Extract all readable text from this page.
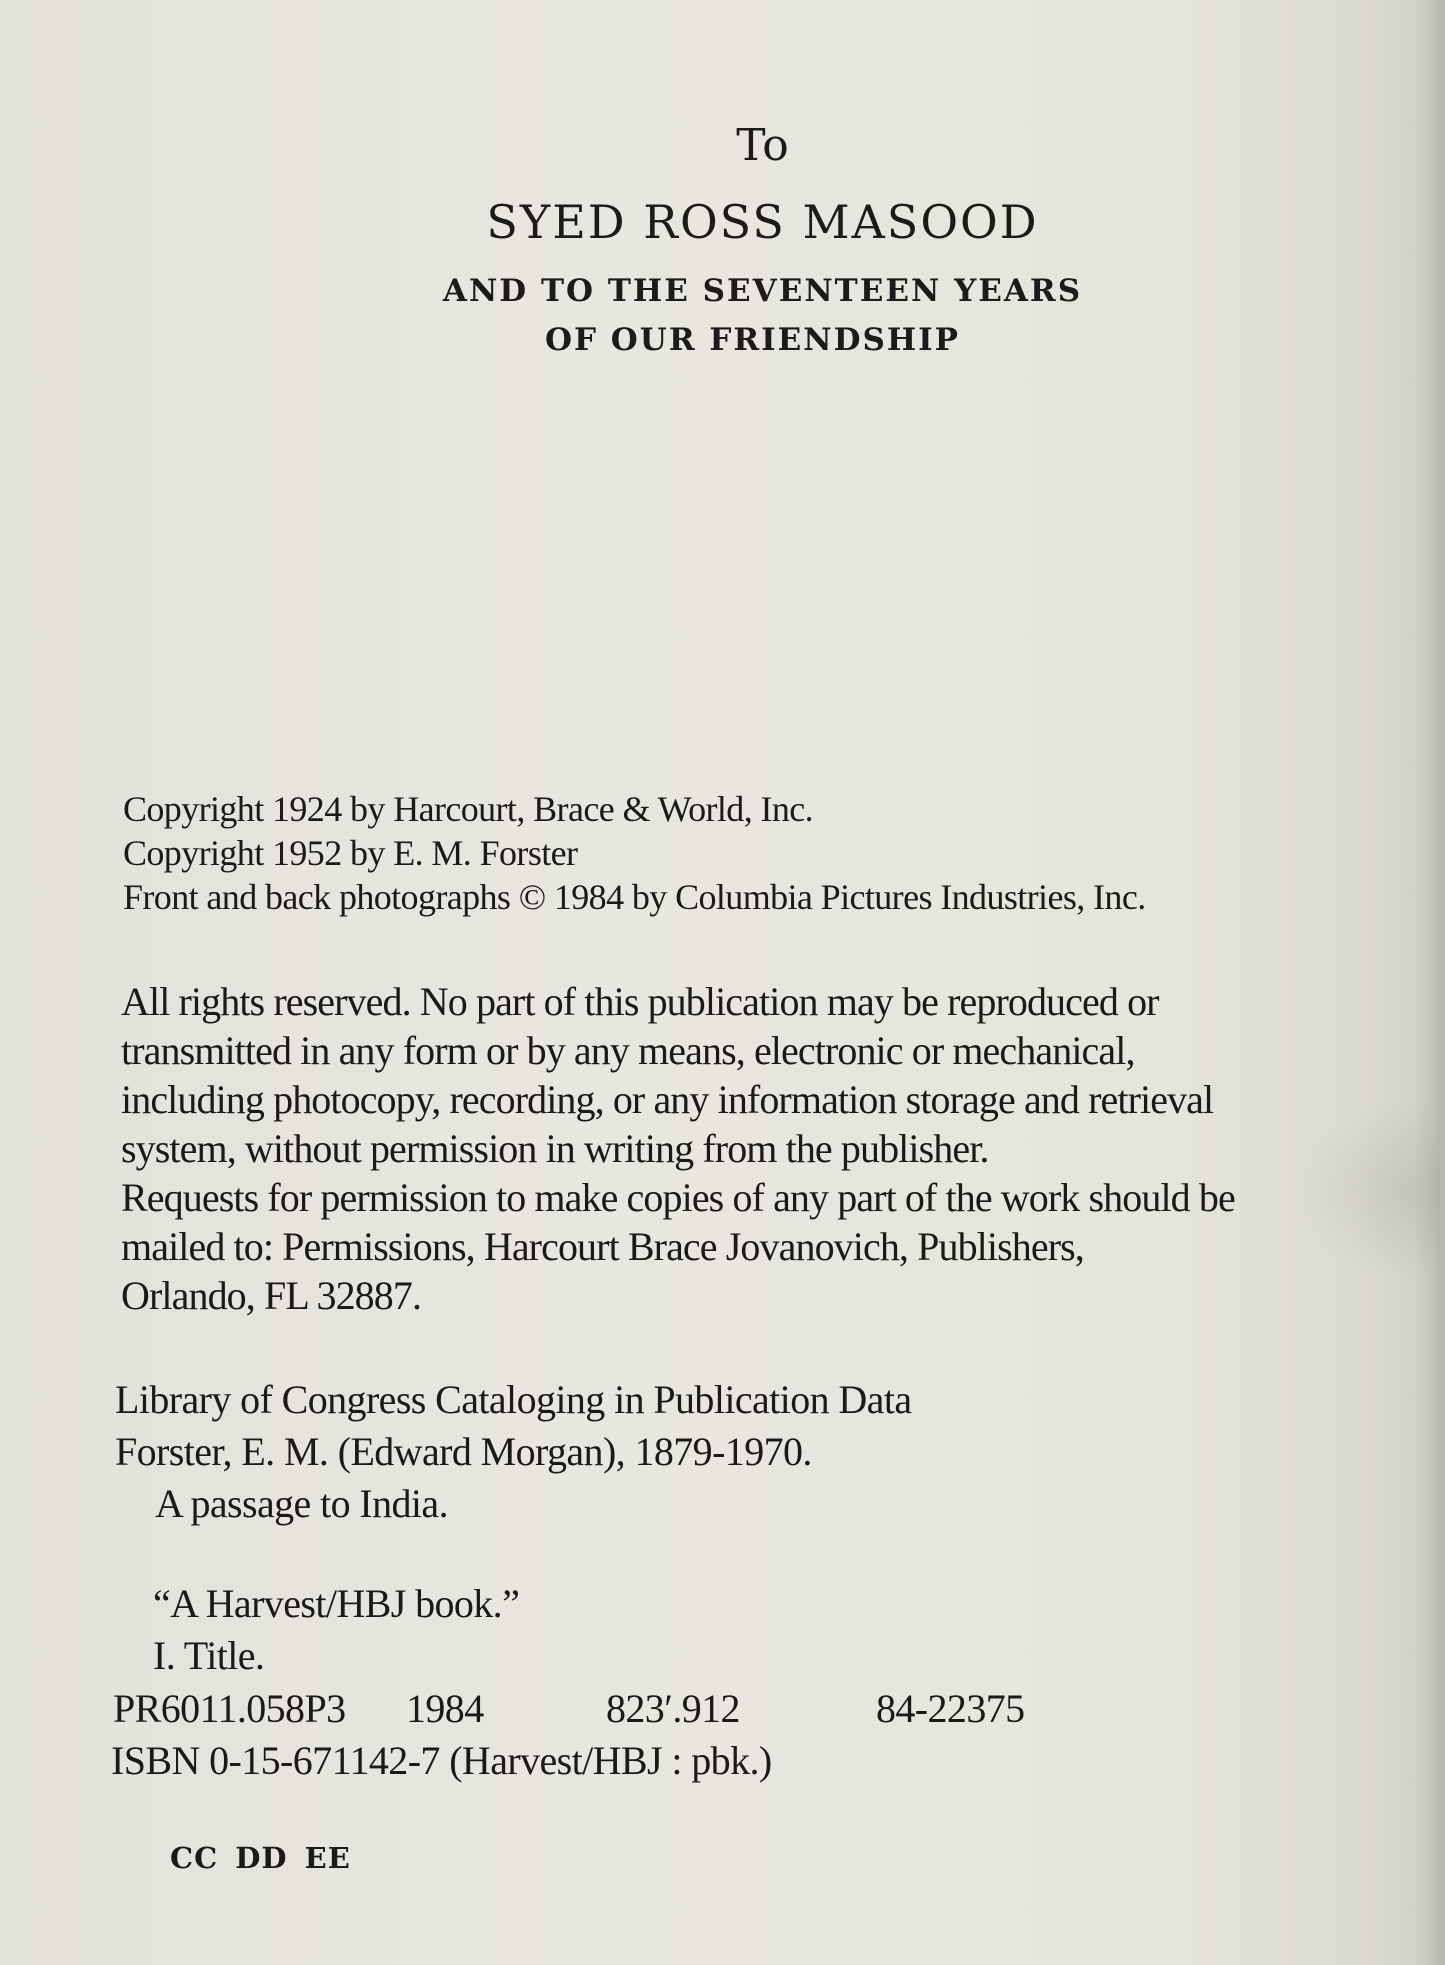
To
SYED ROSS MASOOD
AND TO THE SEVENTEEN YEARS
OF OUR FRIENDSHIP
Copyright 1924 by Harcourt, Brace & World, Inc.
Copyright 1952 by E. M. Forster
Front and back photographs © 1984 by Columbia Pictures Industries, Inc.
All rights reserved. No part of this publication may be reproduced or
transmitted in any form or by any means, electronic or mechanical,
including photocopy, recording, or any information storage and retrieval
system, without permission in writing from the publisher.
Requests for permission to make copies of any part of the work should be
mailed to: Permissions, Harcourt Brace Jovanovich, Publishers,
Orlando, FL 32887.
Library of Congress Cataloging in Publication Data
Forster, E. M. (Edward Morgan), 1879-1970.
A passage to India.
“A Harvest/HBJ book.”
I. Title.
PR6011.058P3 1984	823′.912	84-22375
ISBN 0-15-671142-7 (Harvest/HBJ : pbk.)
CC DD EE
